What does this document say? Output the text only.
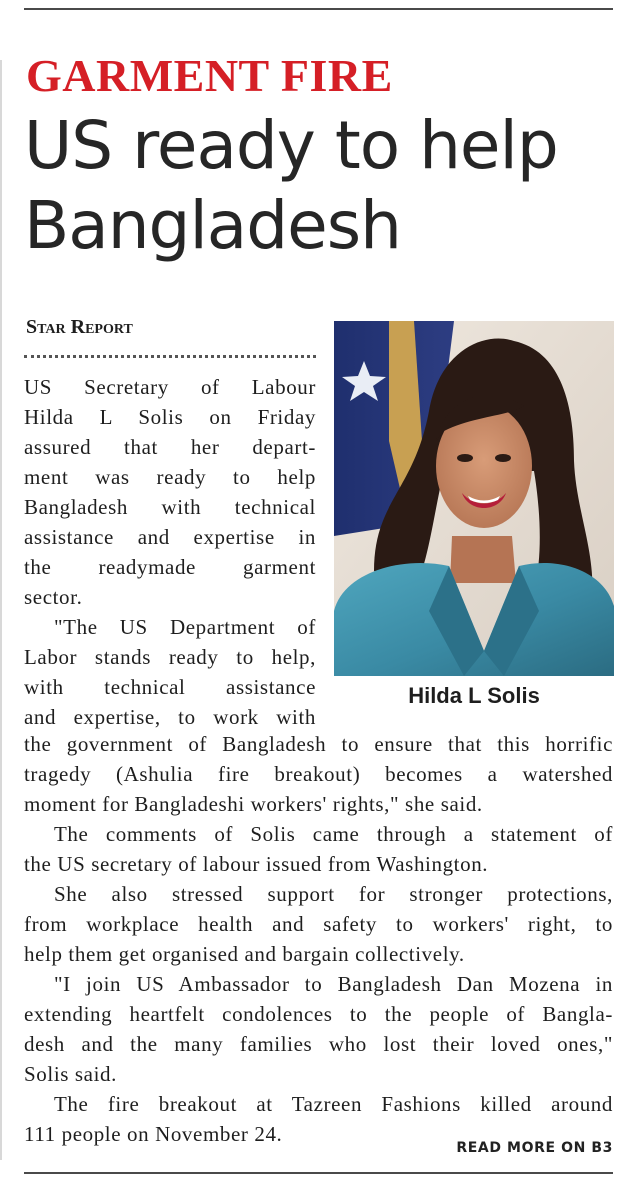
GARMENT FIRE
US ready to help
Bangladesh
Star Report
US Secretary of Labour
Hilda L Solis on Friday
assured that her depart-
ment was ready to help
Bangladesh with technical
assistance and expertise in
the readymade garment
sector.
"The US Department of
Labor stands ready to help,
with technical assistance
and expertise, to work with
Hilda L Solis
the government of Bangladesh to ensure that this horrific
tragedy (Ashulia fire breakout) becomes a watershed
moment for Bangladeshi workers' rights," she said.
The comments of Solis came through a statement of
the US secretary of labour issued from Washington.
She also stressed support for stronger protections,
from workplace health and safety to workers' right, to
help them get organised and bargain collectively.
"I join US Ambassador to Bangladesh Dan Mozena in
extending heartfelt condolences to the people of Bangla-
desh and the many families who lost their loved ones,"
Solis said.
The fire breakout at Tazreen Fashions killed around
111 people on November 24.
READ MORE ON B3
